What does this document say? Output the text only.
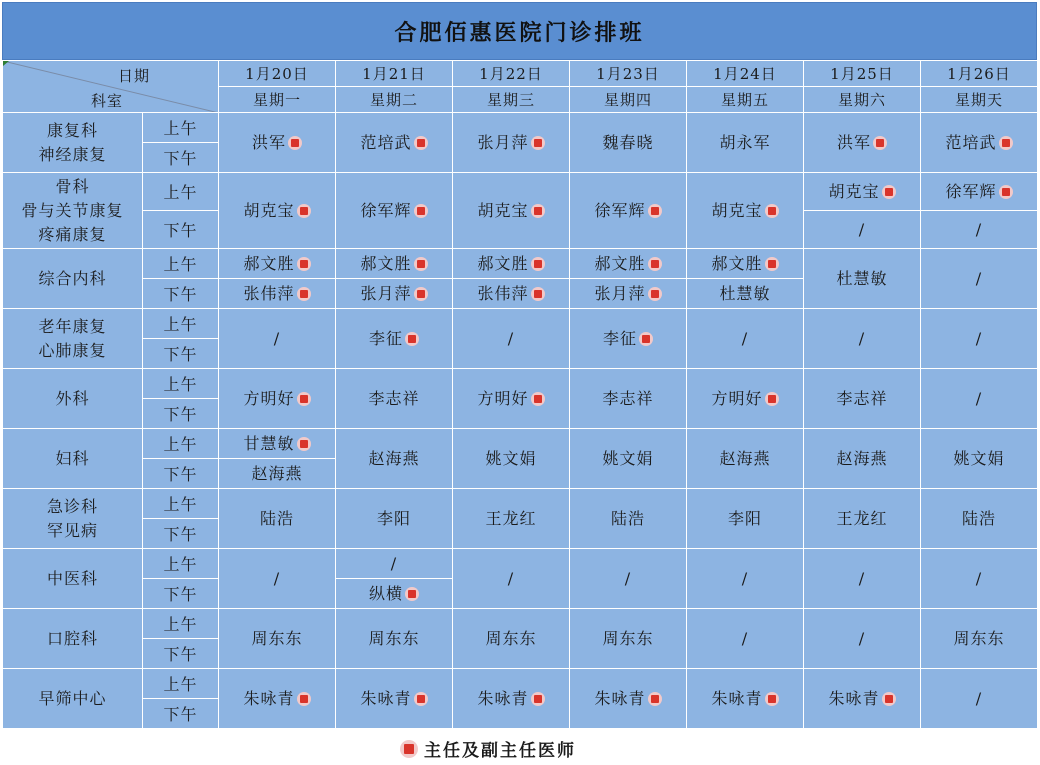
合肥佰惠医院门诊排班
日期
科室		1月20日	1月21日	1月22日	1月23日	1月24日	1月25日	1月26日
		星期一	星期二	星期三	星期四	星期五	星期六	星期天

康复科
神经康复	上午	洪军	范培武	张月萍	魏春晓	胡永军	洪军	范培武

	下午							

骨科
骨与关节康复
疼痛康复	上午	胡克宝	徐军辉	胡克宝	徐军辉	胡克宝	胡克宝	徐军辉

	下午						/	/

综合内科	上午	郝文胜	郝文胜	郝文胜	郝文胜	郝文胜	杜慧敏	/

	下午	张伟萍	张月萍	张伟萍	张月萍	杜慧敏		

老年康复
心肺康复	上午	/	李征	/	李征	/	/	/

	下午							

外科	上午	方明好	李志祥	方明好	李志祥	方明好	李志祥	/

	下午							

妇科	上午	甘慧敏	赵海燕	姚文娟	姚文娟	赵海燕	赵海燕	姚文娟

	下午	赵海燕						

急诊科
罕见病	上午	陆浩	李阳	王龙红	陆浩	李阳	王龙红	陆浩

	下午							

中医科	上午	/	/	/	/	/	/	/

	下午		纵横					

口腔科	上午	周东东	周东东	周东东	周东东	/	/	周东东

	下午							

早筛中心	上午	朱咏青	朱咏青	朱咏青	朱咏青	朱咏青	朱咏青	/

	下午							
主任及副主任医师
